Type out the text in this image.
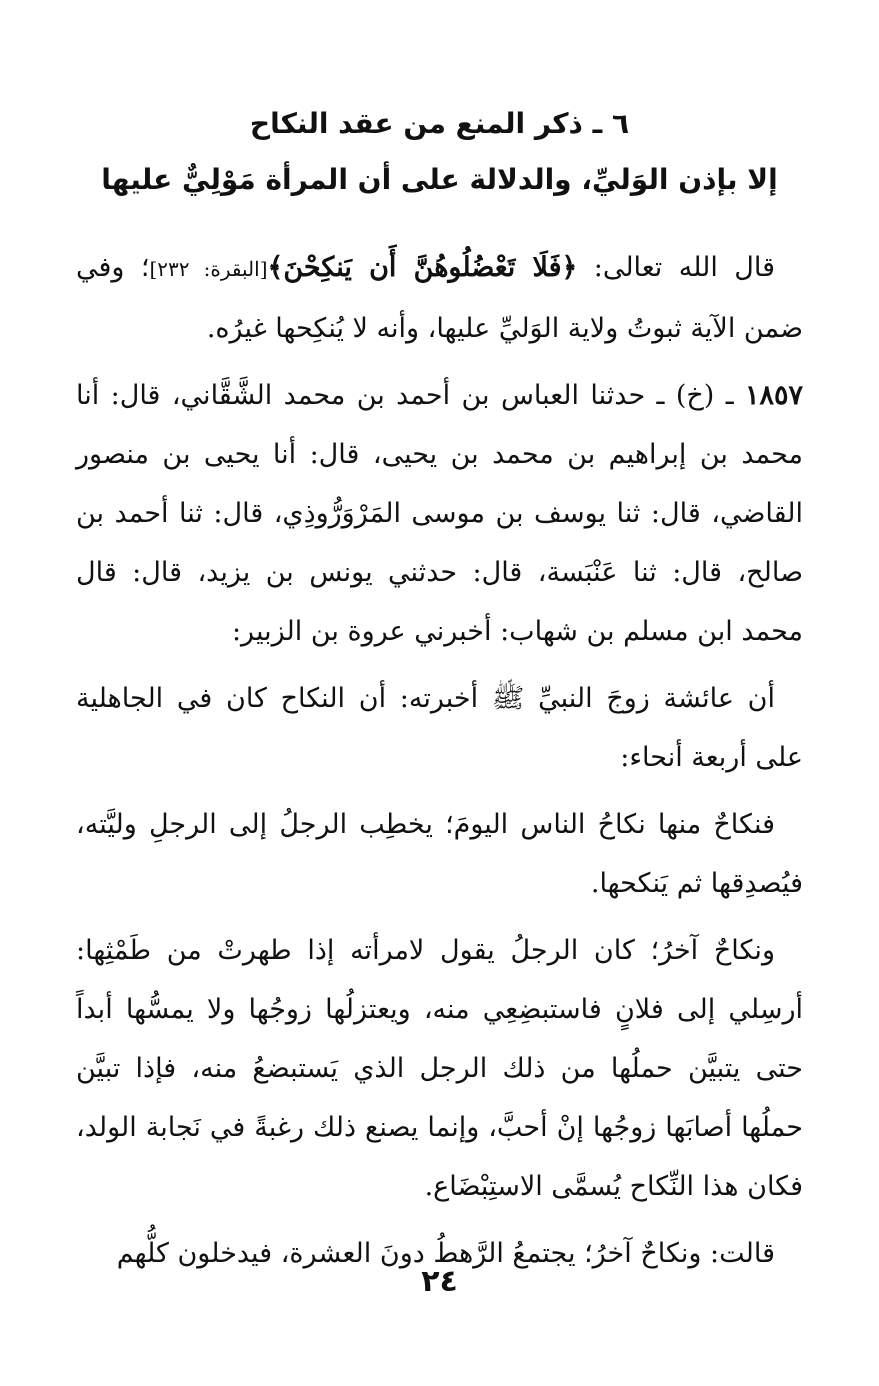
٦ ـ ذكر المنع من عقد النكاح
إلا بإذن الوَليِّ، والدلالة على أن المرأة مَوْلِيٌّ عليها

قال الله تعالى: ﴿فَلَا تَعْضُلُوهُنَّ أَن يَنكِحْنَ﴾[البقرة: ٢٣٢]؛ وفي ضمن الآية ثبوتُ ولاية الوَليِّ عليها، وأنه لا يُنكِحها غيرُه.

١٨٥٧ ـ (خ) ـ حدثنا العباس بن أحمد بن محمد الشَّقَّاني، قال: أنا محمد بن إبراهيم بن محمد بن يحيى، قال: أنا يحيى بن منصور القاضي، قال: ثنا يوسف بن موسى المَرْوَرُّوذِي، قال: ثنا أحمد بن صالح، قال: ثنا عَنْبَسة، قال: حدثني يونس بن يزيد، قال: قال محمد ابن مسلم بن شهاب: أخبرني عروة بن الزبير:

أن عائشة زوجَ النبيِّ ﷺ أخبرته: أن النكاح كان في الجاهلية على أربعة أنحاء:

فنكاحٌ منها نكاحُ الناس اليومَ؛ يخطِب الرجلُ إلى الرجلِ وليَّته، فيُصدِقها ثم يَنكحها.

ونكاحٌ آخرُ؛ كان الرجلُ يقول لامرأته إذا طهرتْ من طَمْثِها: أرسِلي إلى فلانٍ فاستبضِعِي منه، ويعتزلُها زوجُها ولا يمسُّها أبداً حتى يتبيَّن حملُها من ذلك الرجل الذي يَستبضعُ منه، فإذا تبيَّن حملُها أصابَها زوجُها إنْ أحبَّ، وإنما يصنع ذلك رغبةً في نَجابة الولد، فكان هذا النِّكاح يُسمَّى الاستِبْضَاع.

قالت: ونكاحٌ آخرُ؛ يجتمعُ الرَّهطُ دونَ العشرة، فيدخلون كلُّهم

٢٤
